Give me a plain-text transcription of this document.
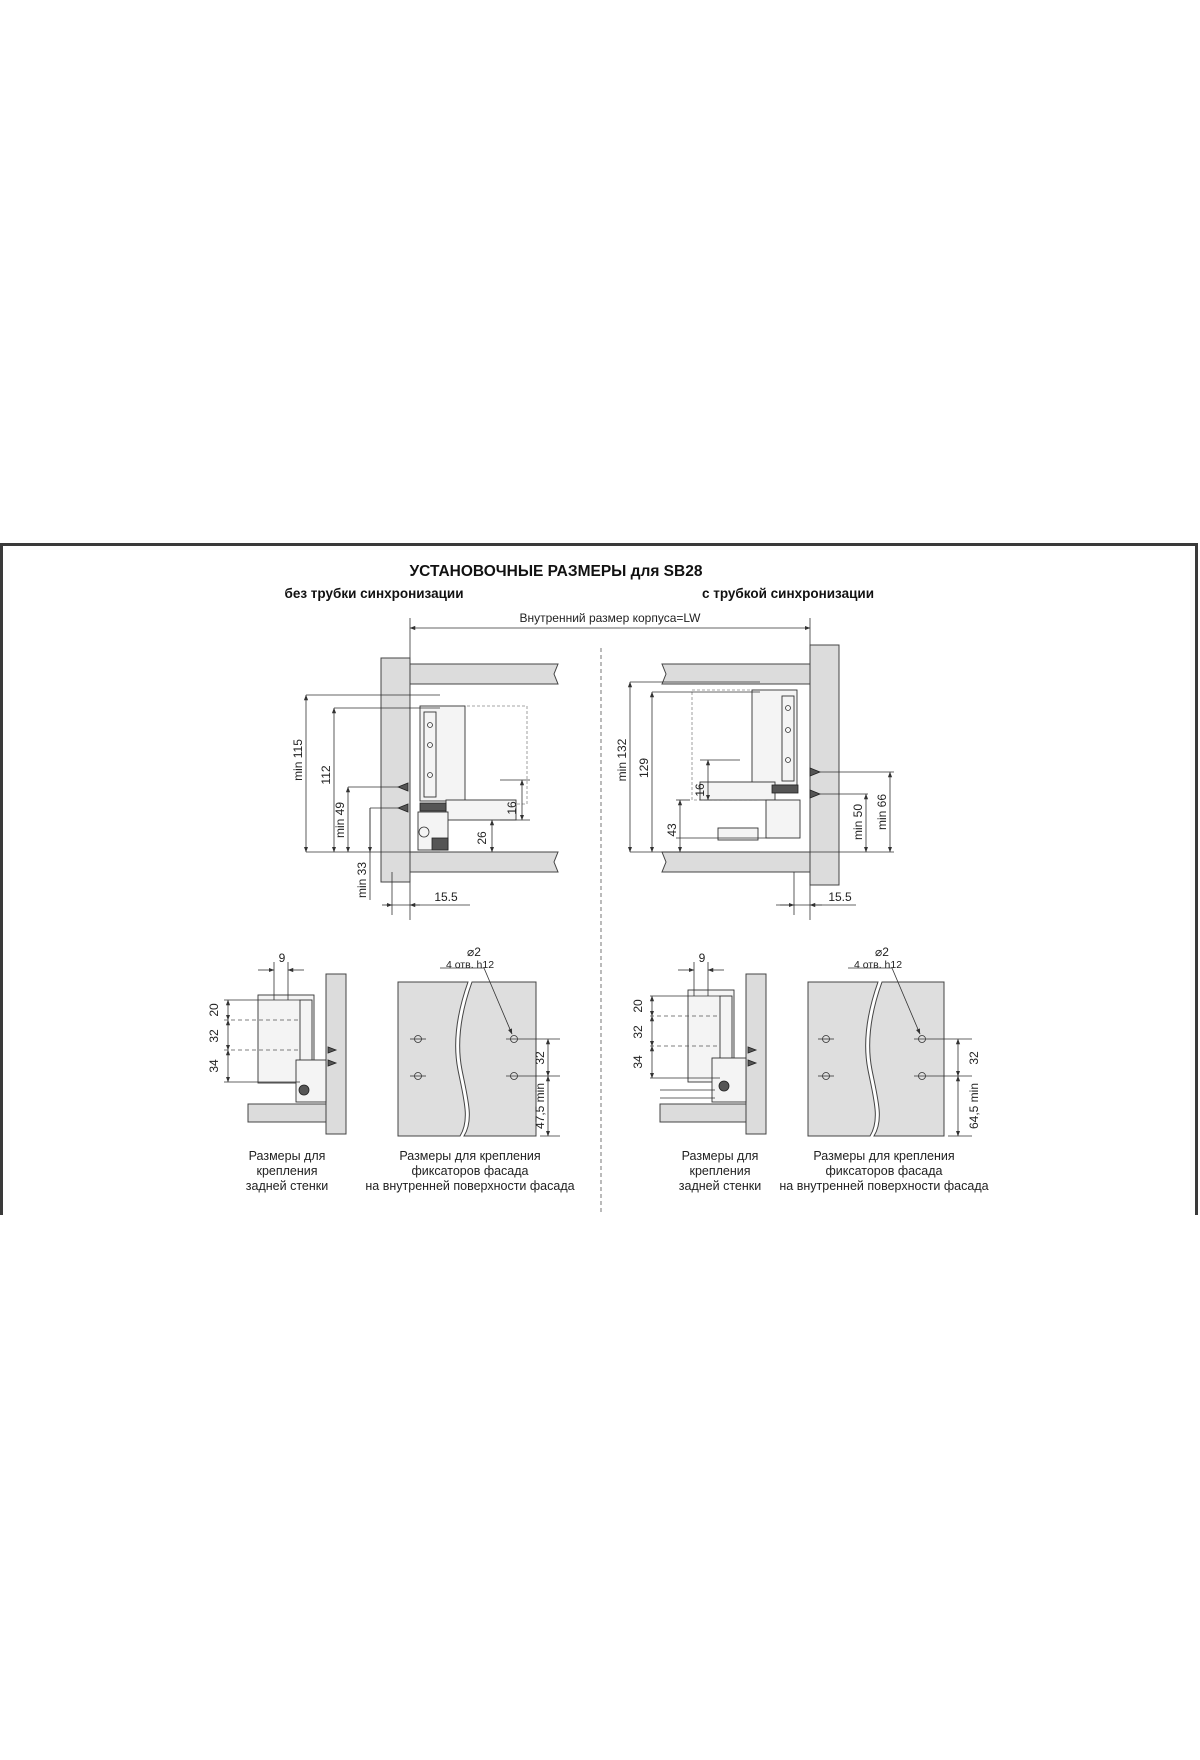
УСТАНОВОЧНЫЕ РАЗМЕРЫ для SB28
без трубки синхронизации	с трубкой синхронизации
Внутренний размер корпуса=LW
min 115 112
min 49
min 33
16
26
15.5
min 132 129
43
16
min 50 min 66
15.5
20
32
34
9
Размеры для
крепления
задней стенки
32
47,5 min
⌀2
4 отв. h12
Размеры для крепления
фиксаторов фасада
на внутренней поверхности фасада
20
32
34
9
Размеры для
крепления
задней стенки
32
64,5 min
⌀2
4 отв. h12
Размеры для крепления
фиксаторов фасада
на внутренней поверхности фасада
